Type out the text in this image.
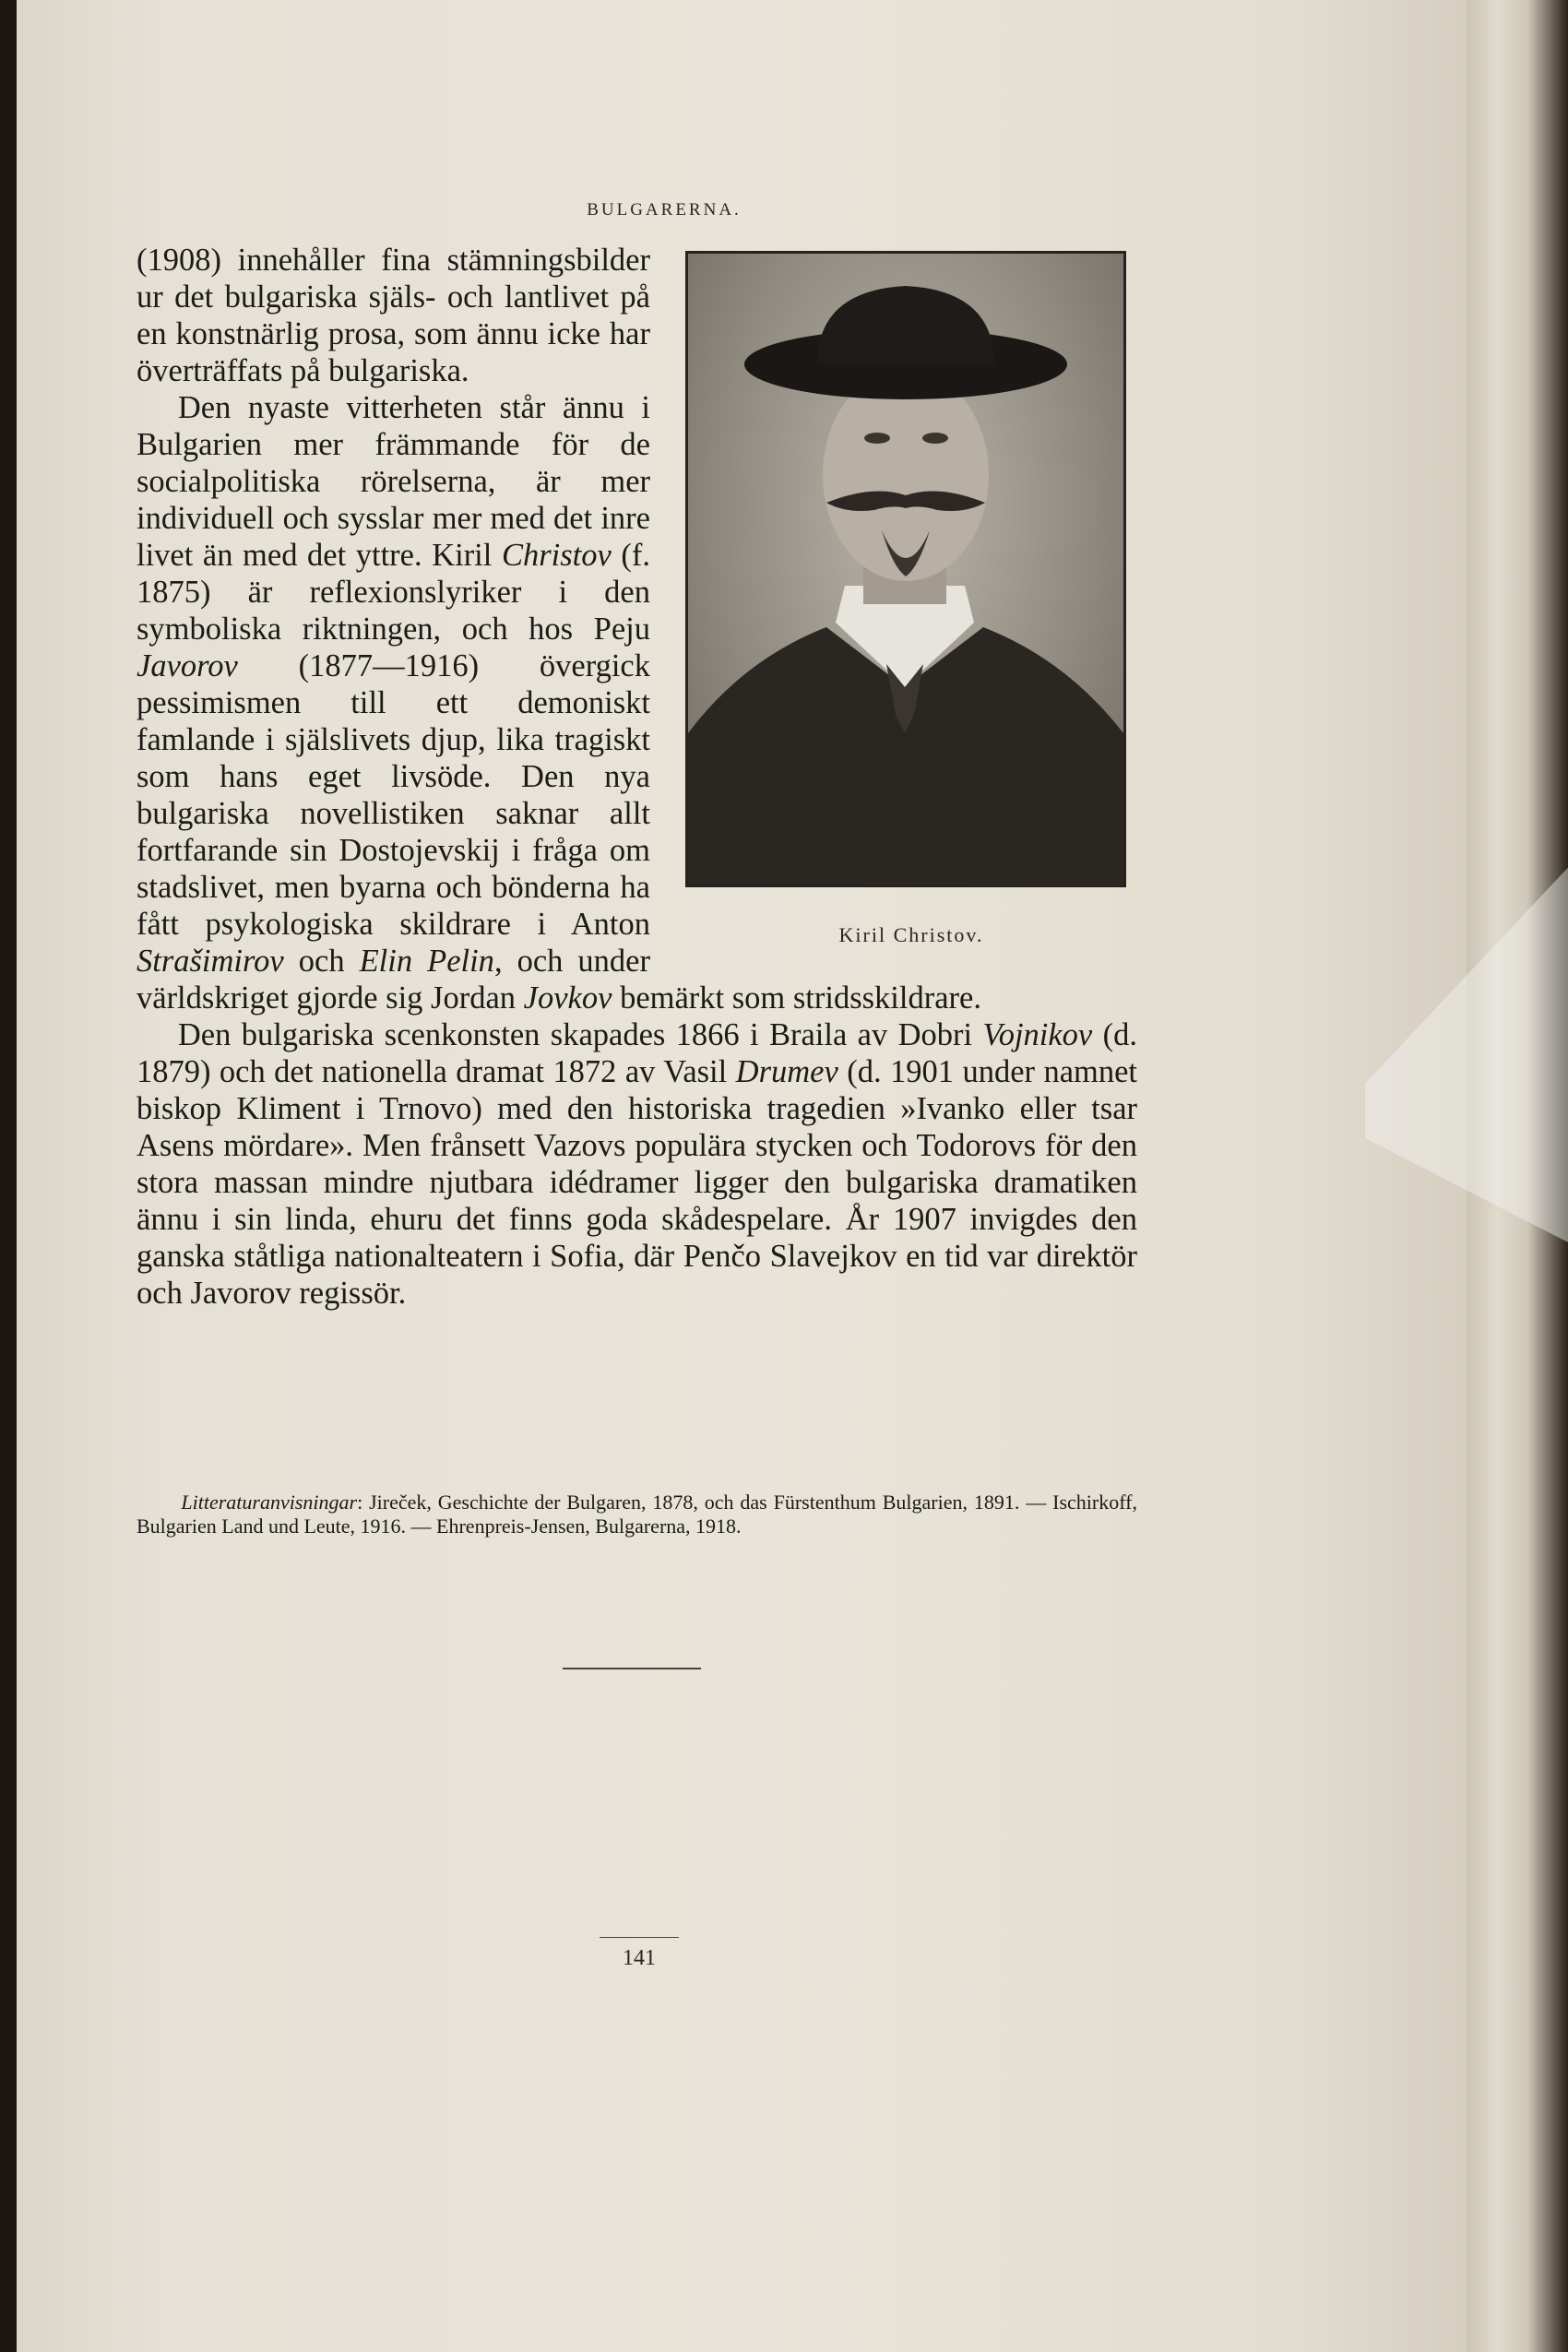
BULGARERNA.
Kiril Christov.

(1908) innehåller fina stämningsbilder ur det bulgariska själs- och lantlivet på en konstnärlig prosa, som ännu icke har överträffats på bulgariska.

Den nyaste vitterheten står ännu i Bulgarien mer främmande för de socialpolitiska rörelserna, är mer individuell och sysslar mer med det inre livet än med det yttre. Kiril Christov (f. 1875) är reflexionslyriker i den symboliska riktningen, och hos Peju Javorov (1877—1916) övergick pessimismen till ett demoniskt famlande i själslivets djup, lika tragiskt som hans eget livsöde. Den nya bulgariska novellistiken saknar allt fortfarande sin Dostojevskij i fråga om stadslivet, men byarna och bönderna ha fått psykologiska skildrare i Anton Strašimirov och Elin Pelin, och under världskriget gjorde sig Jordan Jovkov bemärkt som stridsskildrare.

Den bulgariska scenkonsten skapades 1866 i Braila av Dobri Vojnikov (d. 1879) och det nationella dramat 1872 av Vasil Drumev (d. 1901 under namnet biskop Kliment i Trnovo) med den historiska tragedien »Ivanko eller tsar Asens mördare». Men frånsett Vazovs populära stycken och Todorovs för den stora massan mindre njutbara idédramer ligger den bulgariska dramatiken ännu i sin linda, ehuru det finns goda skådespelare. År 1907 invigdes den ganska ståtliga nationalteatern i Sofia, där Penčo Slavejkov en tid var direktör och Javorov regissör.

Litteraturanvisningar: Jireček, Geschichte der Bulgaren, 1878, och das Fürstenthum Bulgarien, 1891. — Ischirkoff, Bulgarien Land und Leute, 1916. — Ehrenpreis-Jensen, Bulgarerna, 1918.

141
